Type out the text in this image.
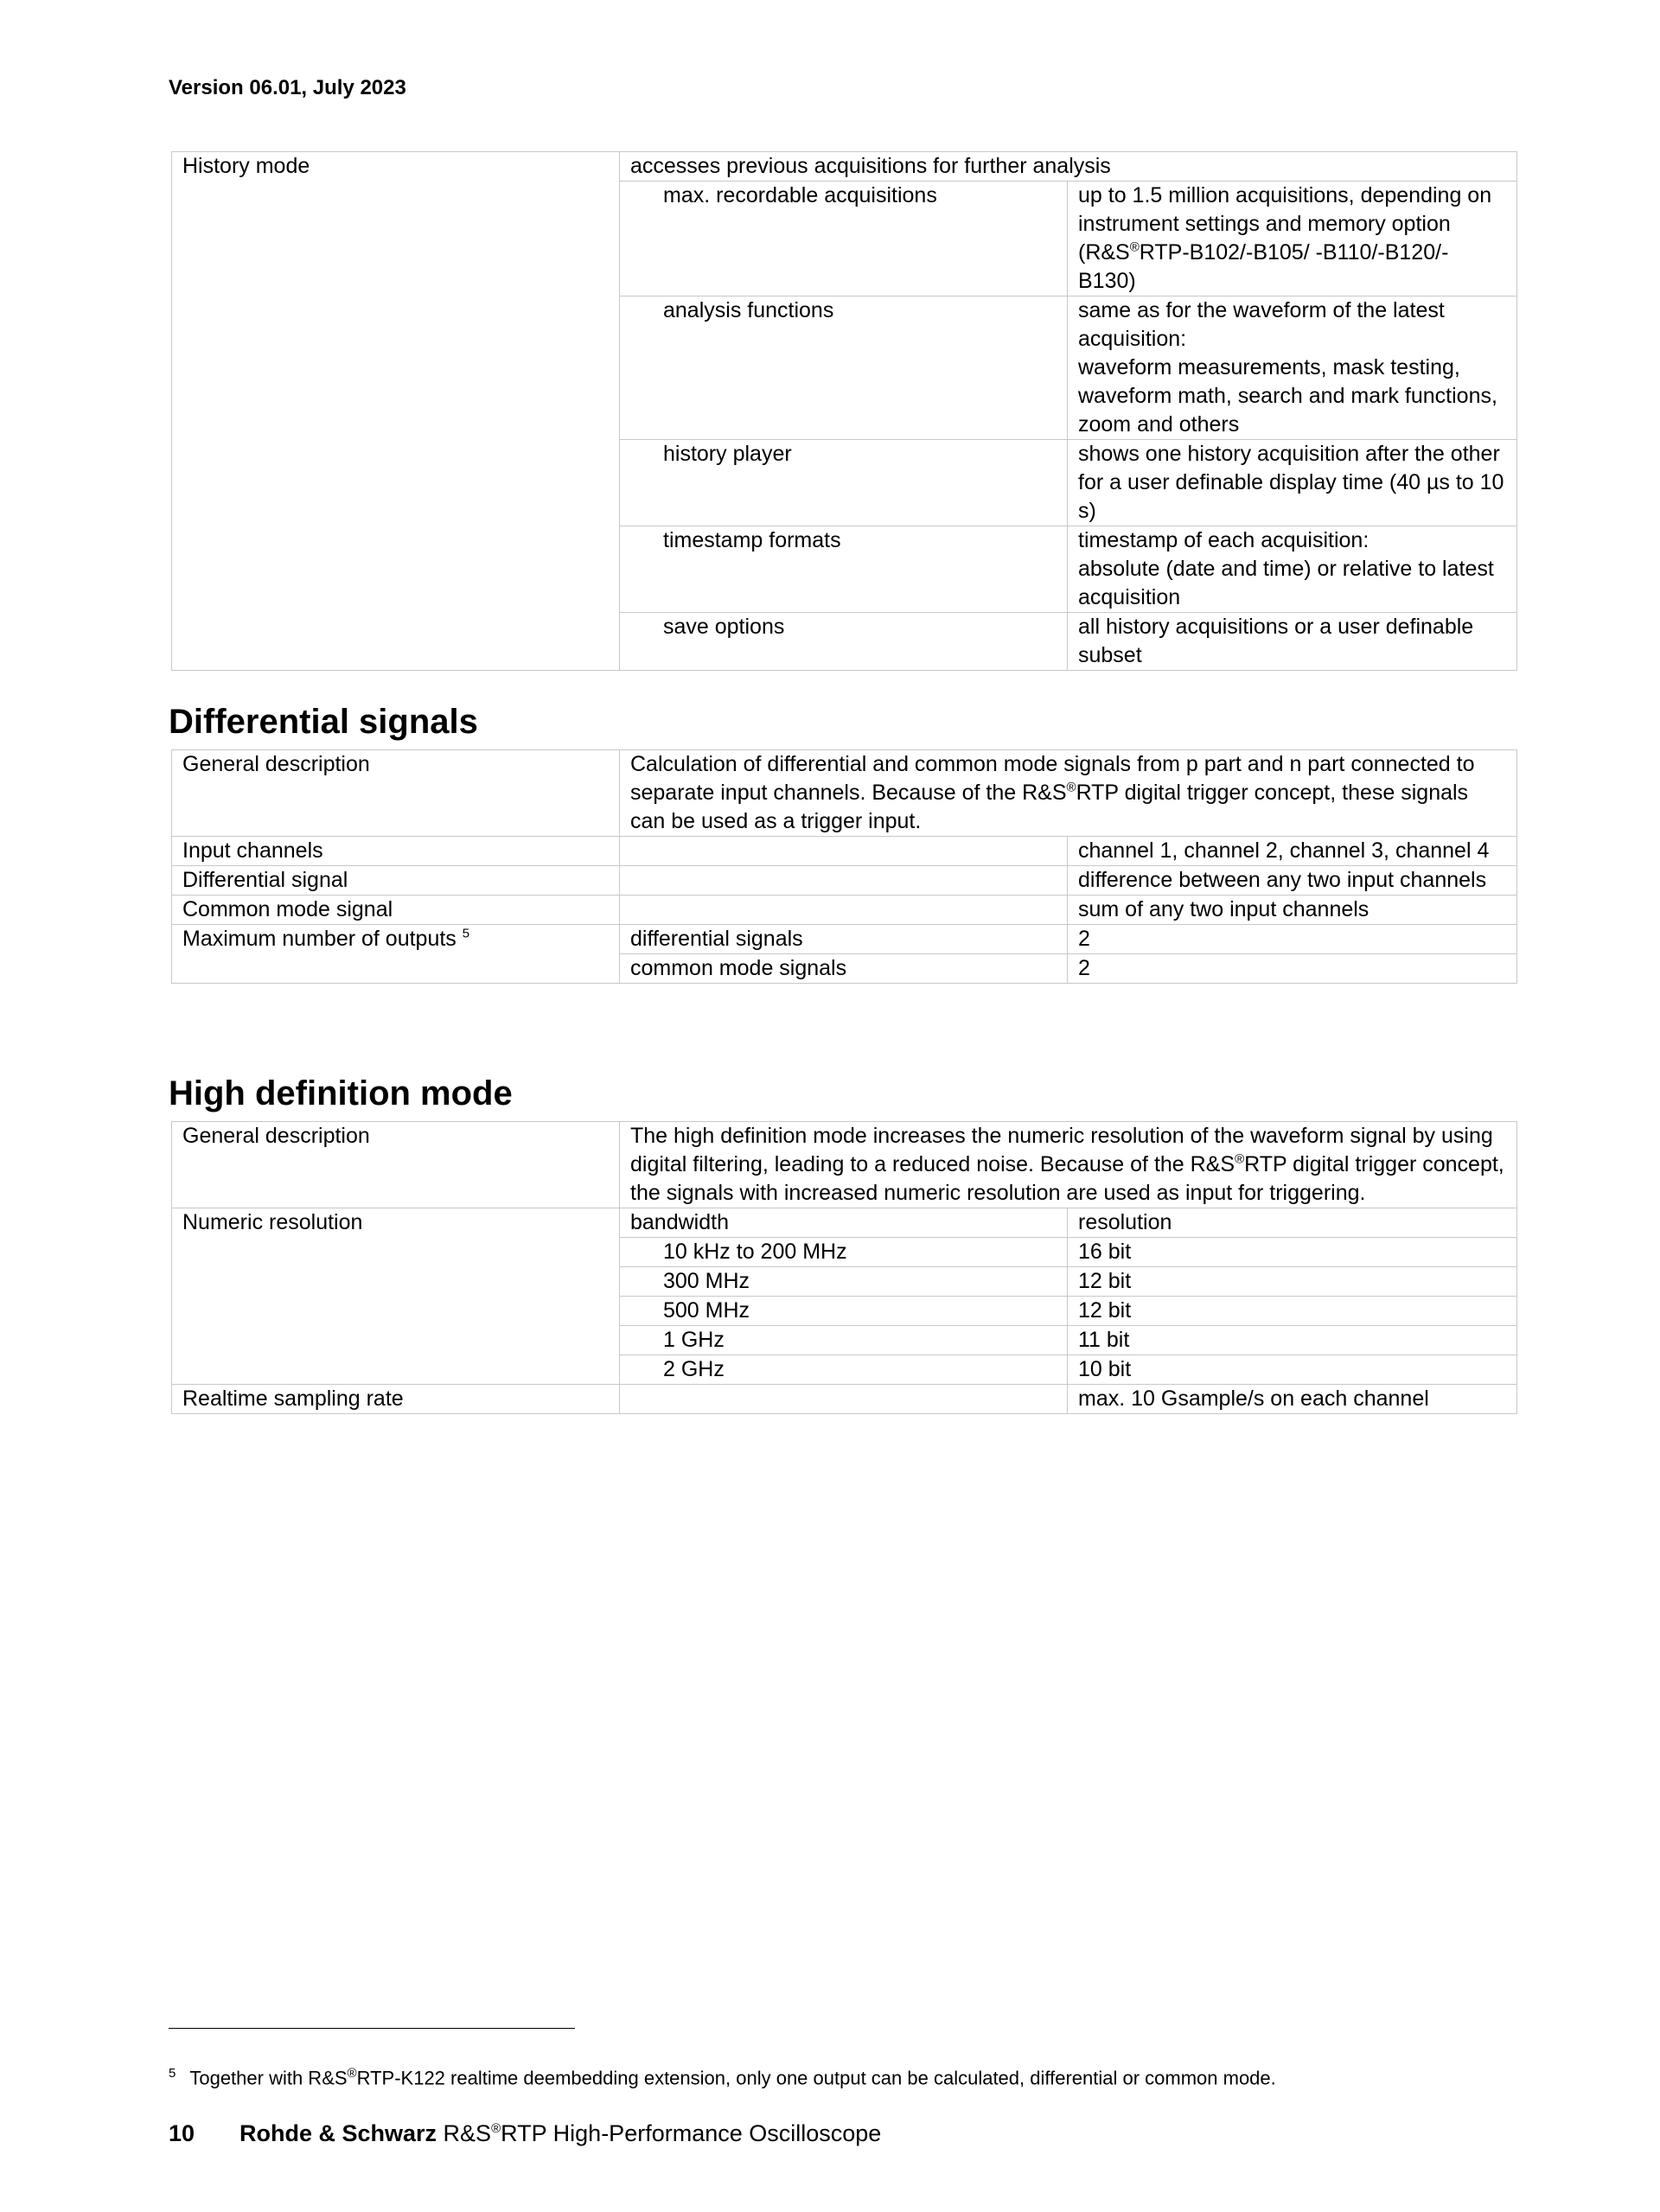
Version 06.01, July 2023
History mode	accesses previous acquisitions for further analysis	
	max. recordable acquisitions	up to 1.5 million acquisitions, depending on instrument settings and memory option (R&S®RTP-B102/-B105/ -B110/-B120/-B130)
	analysis functions	same as for the waveform of the latest acquisition:
waveform measurements, mask testing, waveform math, search and mark functions, zoom and others

	history player	shows one history acquisition after the other for a user definable display time (40 µs to 10 s)
	timestamp formats	timestamp of each acquisition:
absolute (date and time) or relative to latest acquisition

	save options	all history acquisitions or a user definable subset
Differential signals
General description	Calculation of differential and common mode signals from p part and n part connected to separate input channels. Because of the R&S®RTP digital trigger concept, these signals can be used as a trigger input.	
Input channels		channel 1, channel 2, channel 3, channel 4
Differential signal		difference between any two input channels
Common mode signal		sum of any two input channels
Maximum number of outputs $^5$	differential signals	2
	common mode signals	2
High definition mode
General description	The high definition mode increases the numeric resolution of the waveform signal by using digital filtering, leading to a reduced noise. Because of the R&S®RTP digital trigger concept, the signals with increased numeric resolution are used as input for triggering.	
Numeric resolution	bandwidth	resolution
	10 kHz to 200 MHz	16 bit
	300 MHz	12 bit
	500 MHz	12 bit
	1 GHz	11 bit
	2 GHz	10 bit
Realtime sampling rate		max. 10 Gsample/s on each channel
$^5$ Together with R&S®RTP-K122 realtime deembedding extension, only one output can be calculated, differential or common mode.
10 Rohde & Schwarz R&S®RTP High-Performance Oscilloscope
